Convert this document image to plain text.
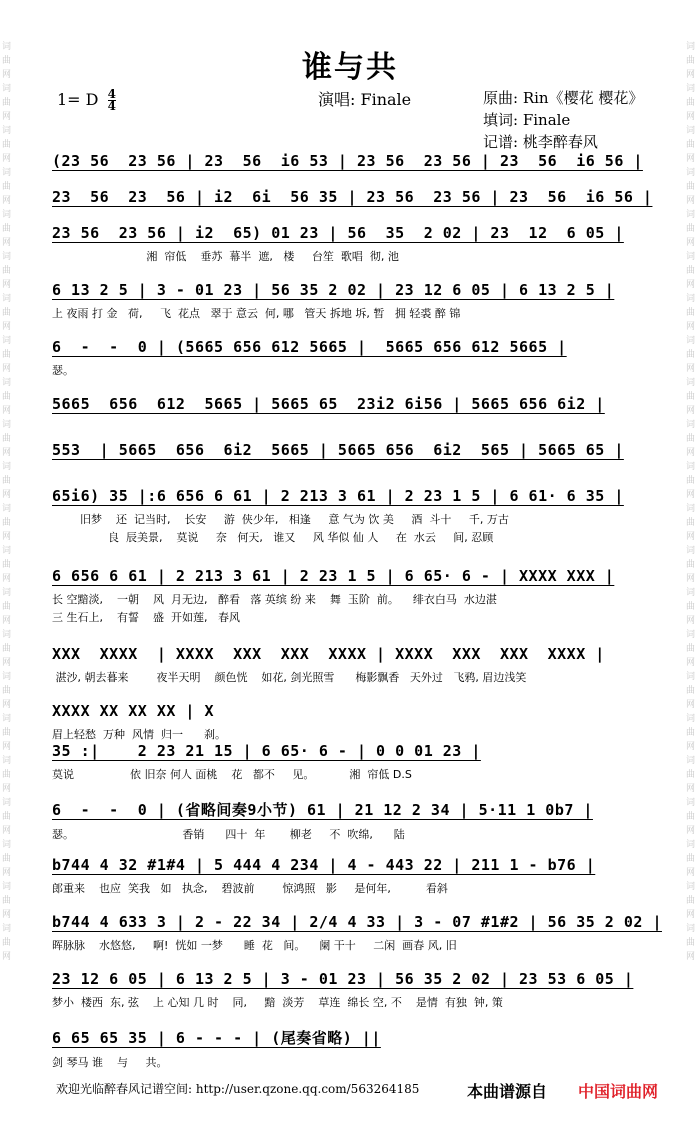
词曲网词曲网词曲网词曲网词曲网词曲网词曲网词曲网词曲网词曲网词曲网词曲网词曲网词曲网词曲网词曲网词曲网词曲网词曲网词曲网词曲网词曲网
词曲网词曲网词曲网词曲网词曲网词曲网词曲网词曲网词曲网词曲网词曲网词曲网词曲网词曲网词曲网词曲网词曲网词曲网词曲网词曲网词曲网词曲网
谁与共
1= D $\frac{4}{4}$	演唱: Finale	原曲: Rin《樱花 樱花》
填词: Finale
记谱: 桃李醉春风
(23 56  23 56 | 23  56  i6 53 | 23 56  23 56 | 23  56  i6 56 |
23  56  23  56 | i2  6i  56 35 | 23 56  23 56 | 23  56  i6 56 |
23 56  23 56 | i2  65) 01 23 | 56  35  2 02 | 23  12  6 05 |
湘  帘低    垂苏  幕半  遮,   楼     台笙  歌唱  彻, 池
6 13 2 5 | 3 - 01 23 | 56 35 2 02 | 23 12 6 05 | 6 13 2 5 |
上 夜雨 打 金   荷,     飞  花点   翠于 意云  何, 哪   管天 拆地 坼, 暂   拥 轻裘 醉 锦
6  -  -  0 | (5665 656 612 5665 |  5665 656 612 5665 |
瑟。
5665  656  612  5665 | 5665 65  23i2 6i56 | 5665 656 6i2 |
553  | 5665  656  6i2  5665 | 5665 656  6i2  565 | 5665 65 |
65i6) 35 |:6 656 6 61 | 2 213 3 61 | 2 23 1 5 | 6 61· 6 35 |
旧梦    还  记当时,    长安     游  侠少年,   相逢     意 气为 饮 美     酒  斗十     千, 万古
良  辰美景,    莫说     奈   何天,   谁又     风 华似 仙 人     在  水云     间, 忍顾
6 656 6 61 | 2 213 3 61 | 2 23 1 5 | 6 65· 6 - | XXXX XXX |
长 空黯淡,    一朝    风  月无边,   醉看   落 英缤 纷 来    舞  玉阶  前。    绯衣白马  水边湛
三 生石上,    有誓    盛  开如莲,   春风
XXX  XXXX  | XXXX  XXX  XXX  XXXX | XXXX  XXX  XXX  XXXX |
湛沙, 朝去暮来        夜半天明    颜色恍    如花, 剑光照雪      梅影飘香   天外过   飞鸦, 眉边浅笑
XXXX XX XX XX | X
眉上轻愁  万种  风情  归一      刹。
35 :|    2 23 21 15 | 6 65· 6 - | 0 0 01 23 |
莫说                依 旧奈 何人 面桃    花   都不     见。          湘  帘低 D.S
6  -  -  0 | (省略间奏9小节) 61 | 21 12 2 34 | 5·11 1 0b7 |
瑟。                               香销      四十  年       柳老     不  吹绵,      陆
b744 4 32 #1#4 | 5 444 4 234 | 4 - 443 22 | 211 1 - b76 |
郎重来    也应  笑我   如   执念,    碧波前        惊鸿照   影     是何年,          看斜
b744 4 633 3 | 2 - 22 34 | 2/4 4 33 | 3 - 07 #1#2 | 56 35 2 02 |
晖脉脉    水悠悠,     啊!  恍如 一梦      睡  花   间。    阑 干十     二闲  画春 风, 旧
23 12 6 05 | 6 13 2 5 | 3 - 01 23 | 56 35 2 02 | 23 53 6 05 |
梦小  楼西  东, 弦    上 心知 几 时    同,     黯  淡芳    草连  绵长 空, 不    是情  有独  钟, 策
6 65 65 35 | 6 - - - | (尾奏省略) ||
剑 琴马 谁    与     共。
欢迎光临醉春风记谱空间: http://user.qzone.qq.com/563264185	本曲谱源自 中国词曲网
